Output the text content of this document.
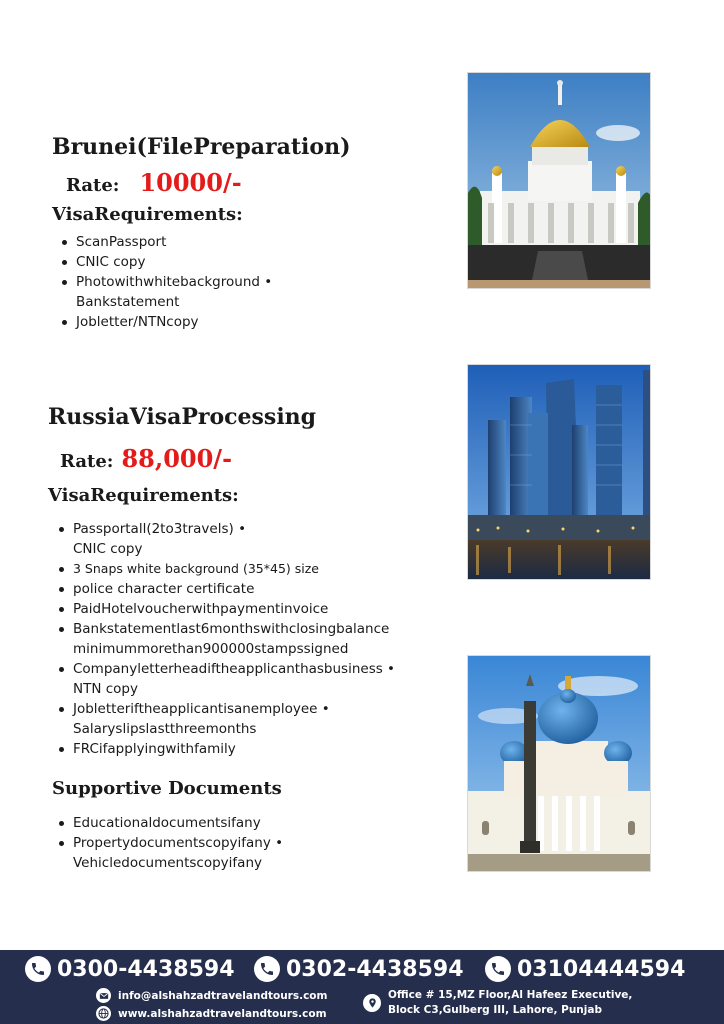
Brunei(FilePreparation)
Rate: 10000/-
VisaRequirements:
ScanPassport
CNIC copy
Photowithwhitebackground •
Bankstatement
Jobletter/NTNcopy
RussiaVisaProcessing
Rate: 88,000/-
VisaRequirements:
Passportall(2to3travels) •
CNIC copy
3 Snaps white background (35*45) size
police character certificate
PaidHotelvoucherwithpaymentinvoice
Bankstatementlast6monthswithclosingbalance
minimummorethan900000stampssigned
Companyletterheadiftheapplicanthasbusiness •
NTN copy
Jobletteriftheapplicantisanemployee •
Salaryslipslastthreemonths
FRCifapplyingwithfamily
Supportive Documents
Educationaldocumentsifany
Propertydocumentscopyifany •
Vehicledocumentscopyifany
0300-4438594 0302-4438594 03104444594
info@alshahzadtravelandtours.com
www.alshahzadtravelandtours.com
Office # 15,MZ Floor,Al Hafeez Executive,
Block C3,Gulberg III, Lahore, Punjab
